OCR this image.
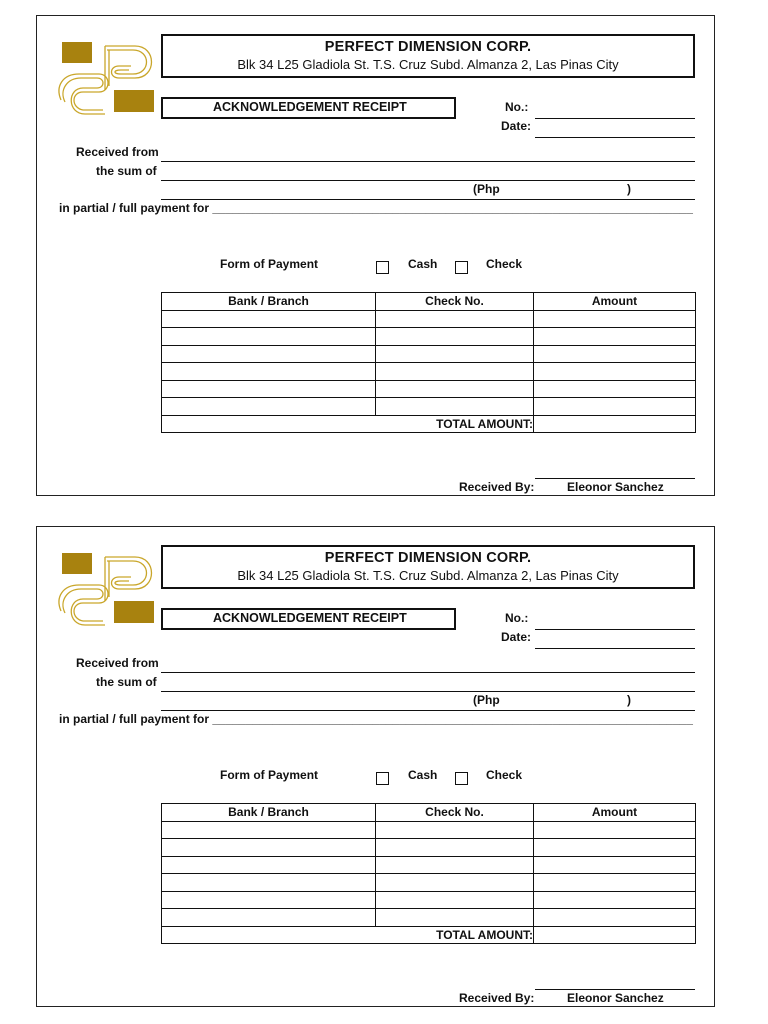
PERFECT DIMENSION CORP.
Blk 34 L25 Gladiola St. T.S. Cruz Subd. Almanza 2, Las Pinas City
ACKNOWLEDGEMENT RECEIPT	No.:
Date:
Received from
the sum of
(Php	)
in partial / full payment for ________________________________________________________________________
Form of Payment	Cash	Check
Bank / Branch	Check No.	Amount

TOTAL AMOUNT:		
Received By:	Eleonor Sanchez
PERFECT DIMENSION CORP.
Blk 34 L25 Gladiola St. T.S. Cruz Subd. Almanza 2, Las Pinas City
ACKNOWLEDGEMENT RECEIPT	No.:
Date:
Received from
the sum of
(Php	)
in partial / full payment for ________________________________________________________________________
Form of Payment	Cash	Check
Bank / Branch	Check No.	Amount

TOTAL AMOUNT:		
Received By:	Eleonor Sanchez
